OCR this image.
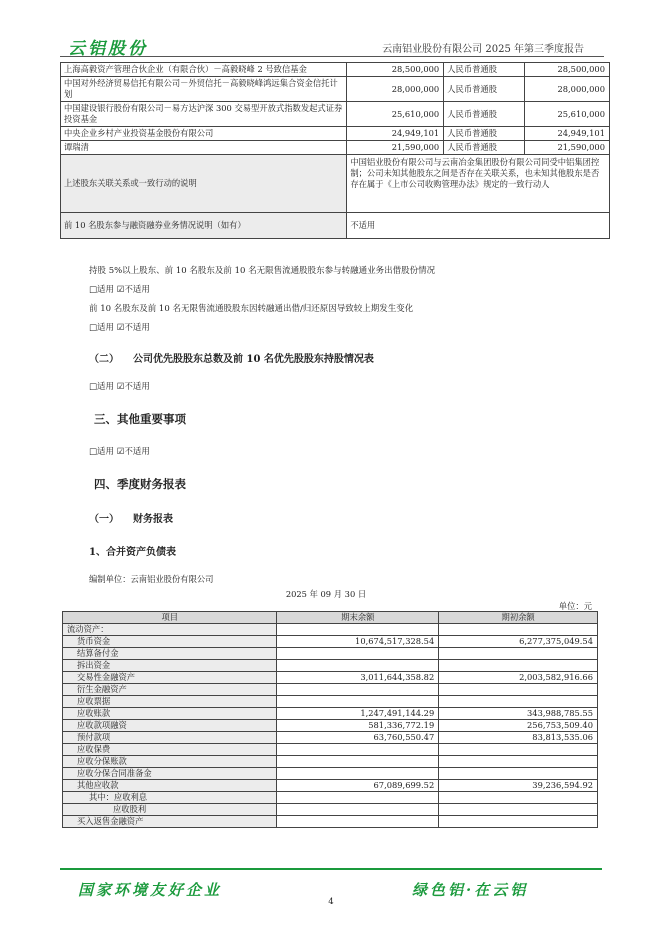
云铝股份	云南铝业股份有限公司 2025 年第三季度报告
上海高毅资产管理合伙企业（有限合伙）－高毅晓峰 2 号致信基金	28,500,000	人民币普通股	28,500,000
中国对外经济贸易信托有限公司－外贸信托－高毅晓峰鸿远集合资金信托计划	28,000,000	人民币普通股	28,000,000
中国建设银行股份有限公司－易方达沪深 300 交易型开放式指数发起式证券投资基金	25,610,000	人民币普通股	25,610,000
中央企业乡村产业投资基金股份有限公司	24,949,101	人民币普通股	24,949,101
谭瑞清	21,590,000	人民币普通股	21,590,000
上述股东关联关系或一致行动的说明	中国铝业股份有限公司与云南冶金集团股份有限公司同受中铝集团控制；公司未知其他股东之间是否存在关联关系，也未知其他股东是否存在属于《上市公司收购管理办法》规定的一致行动人		
前 10 名股东参与融资融券业务情况说明（如有）	不适用		
持股 5%以上股东、前 10 名股东及前 10 名无限售流通股股东参与转融通业务出借股份情况
□适用 ☑不适用
前 10 名股东及前 10 名无限售流通股股东因转融通出借/归还原因导致较上期发生变化
□适用 ☑不适用
（二） 公司优先股股东总数及前 10 名优先股股东持股情况表
□适用 ☑不适用
三、其他重要事项
□适用 ☑不适用
四、季度财务报表
（一） 财务报表
1、合并资产负债表
编制单位：云南铝业股份有限公司
2025 年 09 月 30 日
单位：元
项目	期末余额	期初余额
流动资产：		
货币资金	10,674,517,328.54	6,277,375,049.54
结算备付金		
拆出资金		
交易性金融资产	3,011,644,358.82	2,003,582,916.66
衍生金融资产		
应收票据		
应收账款	1,247,491,144.29	343,988,785.55
应收款项融资	581,336,772.19	256,753,509.40
预付款项	63,760,550.47	83,813,535.06
应收保费		
应收分保账款		
应收分保合同准备金		
其他应收款	67,089,699.52	39,236,594.92
其中：应收利息		
应收股利		
买入返售金融资产		
国家环境友好企业	绿色铝·在云铝
4
